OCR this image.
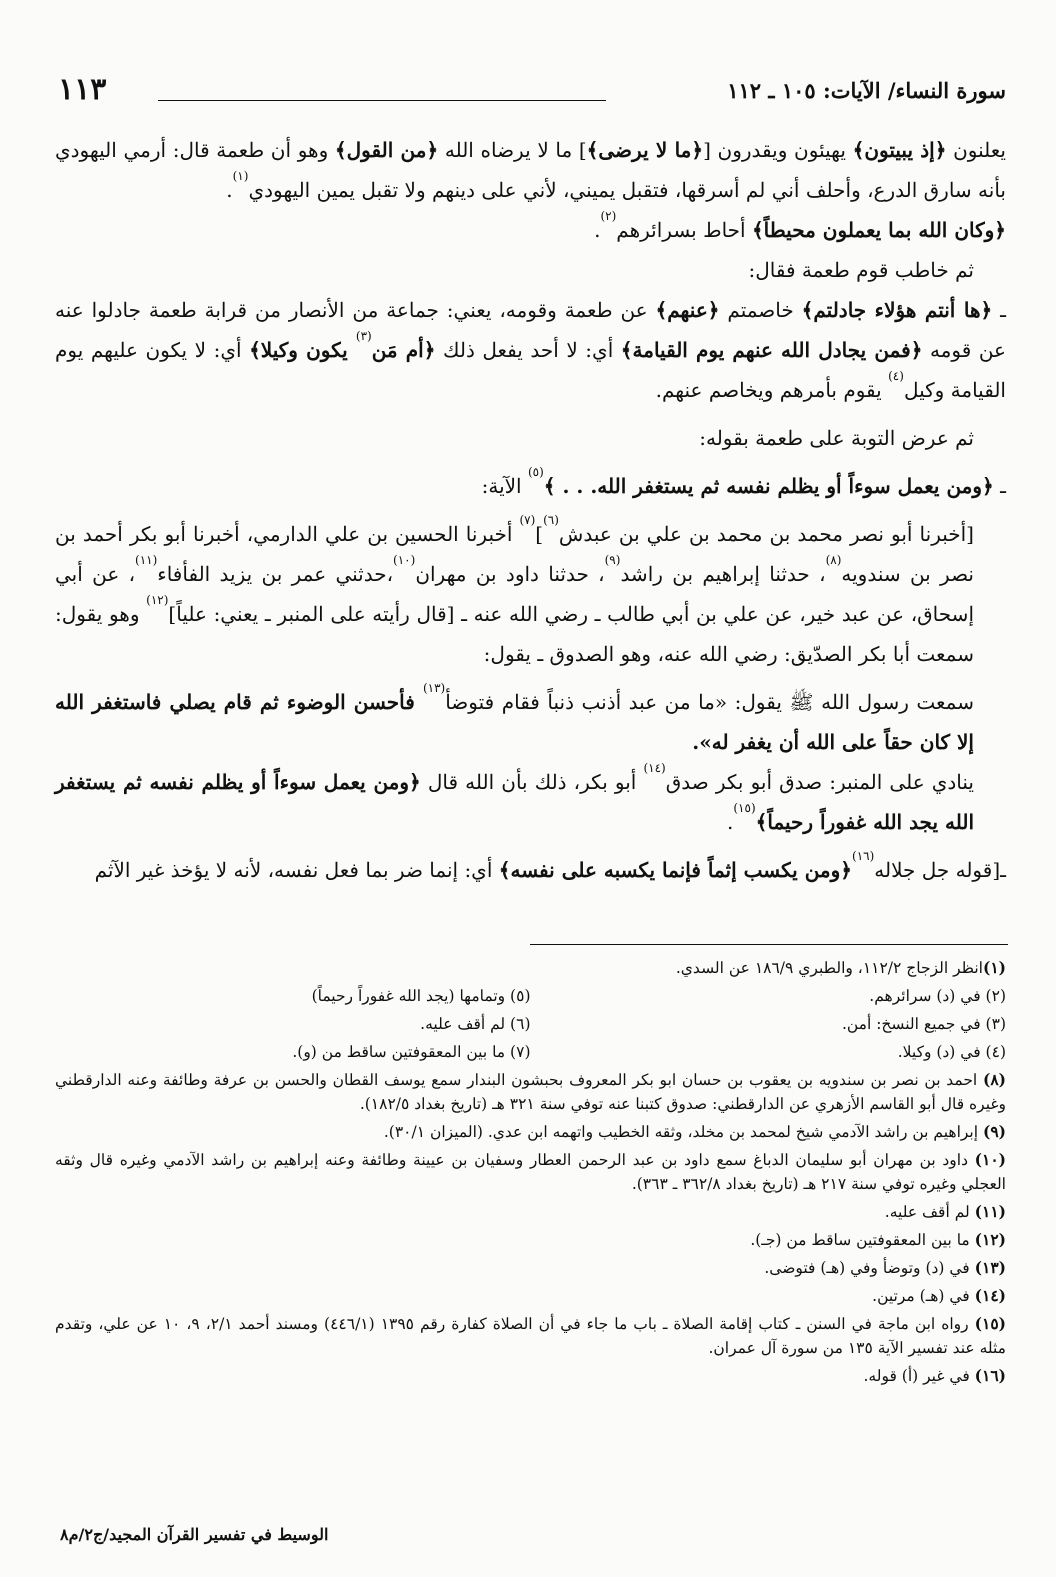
سورة النساء/ الآيات: ١٠٥ ـ ١١٢
١١٣

يعلنون ﴿إذ يبيتون﴾ يهيئون ويقدرون [﴿ما لا يرضى﴾] ما لا يرضاه الله ﴿من القول﴾ وهو أن طعمة قال: أرمي اليهودي بأنه سارق الدرع، وأحلف أني لم أسرقها، فتقبل يميني، لأني على دينهم ولا تقبل يمين اليهودي$^{(١)}$.

﴿وكان الله بما يعملون محيطاً﴾ أحاط بسرائرهم$^{(٢)}$.

ثم خاطب قوم طعمة فقال:

ـ ﴿ها أنتم هؤلاء جادلتم﴾ خاصمتم ﴿عنهم﴾ عن طعمة وقومه، يعني: جماعة من الأنصار من قرابة طعمة جادلوا عنه عن قومه ﴿فمن يجادل الله عنهم يوم القيامة﴾ أي: لا أحد يفعل ذلك ﴿أم مَن$^{(٣)}$ يكون وكيلا﴾ أي: لا يكون عليهم يوم القيامة وكيل$^{(٤)}$ يقوم بأمرهم ويخاصم عنهم.

ثم عرض التوبة على طعمة بقوله:

ـ ﴿ومن يعمل سوءاً أو يظلم نفسه ثم يستغفر الله. . . ﴾$^{(٥)}$ الآية:

[أخبرنا أبو نصر محمد بن محمد بن علي بن عبدش$^{(٦)}$]$^{(٧)}$ أخبرنا الحسين بن علي الدارمي، أخبرنا أبو بكر أحمد بن نصر بن سندويه$^{(٨)}$، حدثنا إبراهيم بن راشد$^{(٩)}$، حدثنا داود بن مهران$^{(١٠)}$،حدثني عمر بن يزيد الفأفاء$^{(١١)}$، عن أبي إسحاق، عن عبد خير، عن علي بن أبي طالب ـ رضي الله عنه ـ [قال رأيته على المنبر ـ يعني: علياً]$^{(١٢)}$ وهو يقول: سمعت أبا بكر الصدّيق: رضي الله عنه، وهو الصدوق ـ يقول:

سمعت رسول الله ﷺ يقول: «ما من عبد أذنب ذنباً فقام فتوضأ$^{(١٣)}$ فأحسن الوضوء ثم قام يصلي فاستغفر الله إلا كان حقاً على الله أن يغفر له».

ينادي على المنبر: صدق أبو بكر صدق$^{(١٤)}$ أبو بكر، ذلك بأن الله قال ﴿ومن يعمل سوءاً أو يظلم نفسه ثم يستغفر الله يجد الله غفوراً رحيماً﴾$^{(١٥)}$.

ـ[قوله جل جلاله$^{(١٦)}$﴿ومن يكسب إثماً فإنما يكسبه على نفسه﴾ أي: إنما ضر بما فعل نفسه، لأنه لا يؤخذ غير الآثم

(١)انظر الزجاج ١١٢/٢، والطبري ١٨٦/٩ عن السدي.

(٢) في (د) سرائرهم.
(٥) وتمامها (يجد الله غفوراً رحيماً)
(٣) في جميع النسخ: أمن.
(٦) لم أقف عليه.
(٤) في (د) وكيلا.
(٧) ما بين المعقوفتين ساقط من (و).

(٨) احمد بن نصر بن سندويه بن يعقوب بن حسان ابو بكر المعروف بحبشون البندار سمع يوسف القطان والحسن بن عرفة وطائفة وعنه الدارقطني وغيره قال أبو القاسم الأزهري عن الدارقطني: صدوق كتبنا عنه توفي سنة ٣٢١ هـ (تاريخ بغداد ١٨٢/٥).

(٩) إبراهيم بن راشد الآدمي شيخ لمحمد بن مخلد، وثقه الخطيب واتهمه ابن عدي. (الميزان ٣٠/١).

(١٠) داود بن مهران أبو سليمان الدباغ سمع داود بن عبد الرحمن العطار وسفيان بن عيينة وطائفة وعنه إبراهيم بن راشد الآدمي وغيره قال وثقه العجلي وغيره توفي سنة ٢١٧ هـ (تاريخ بغداد ٣٦٢/٨ ـ ٣٦٣).

(١١) لم أقف عليه.

(١٢) ما بين المعقوفتين ساقط من (جـ).

(١٣) في (د) وتوضأ وفي (هـ) فتوضى.

(١٤) في (هـ) مرتين.

(١٥) رواه ابن ماجة في السنن ـ كتاب إقامة الصلاة ـ باب ما جاء في أن الصلاة كفارة رقم ١٣٩٥ (٤٤٦/١) ومسند أحمد ٢/١، ٩، ١٠ عن علي، وتقدم مثله عند تفسير الآية ١٣٥ من سورة آل عمران.

(١٦) في غير (أ) قوله.

الوسيط في تفسير القرآن المجيد/ج٢/م٨
